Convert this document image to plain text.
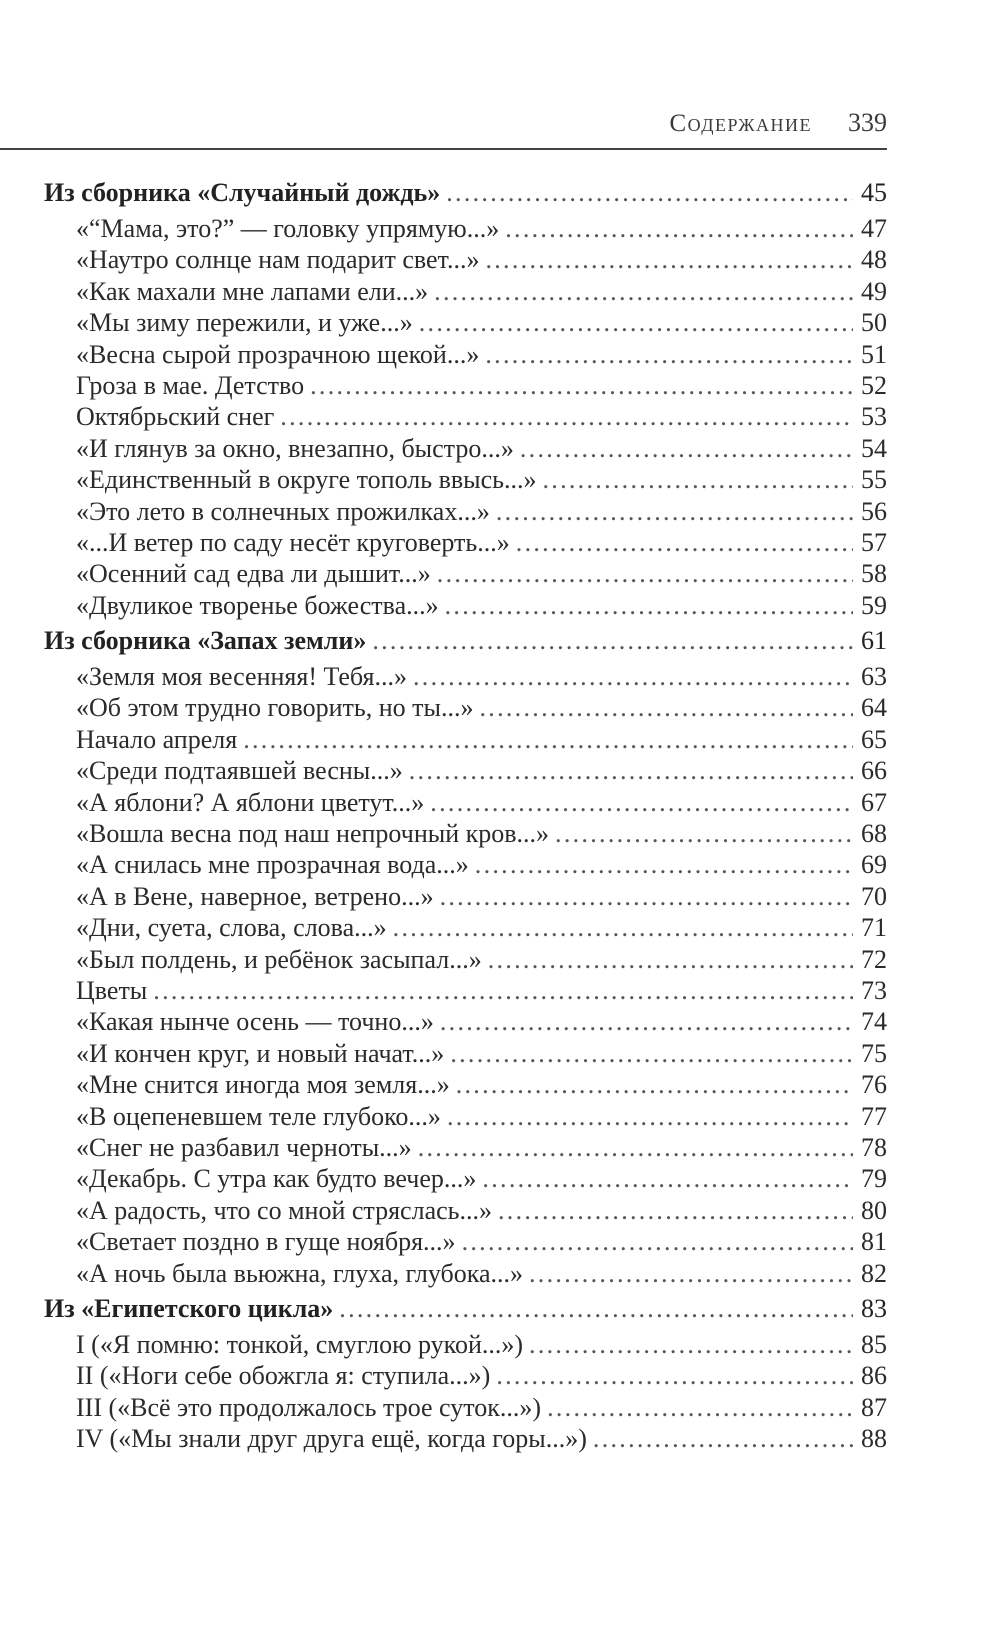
Содержание 339
Из сборника «Случайный дождь» .....	45
«“Мама, это?” — головку упрямую...» .....	47
«Наутро солнце нам подарит свет...» .....	48
«Как махали мне лапами ели...» .....	49
«Мы зиму пережили, и уже...» .....	50
«Весна сырой прозрачною щекой...» .....	51
Гроза в мае. Детство .....	52
Октябрьский снег .....	53
«И глянув за окно, внезапно, быстро...» .....	54
«Единственный в округе тополь ввысь...» .....	55
«Это лето в солнечных прожилках...» .....	56
«...И ветер по саду несёт круговерть...» .....	57
«Осенний сад едва ли дышит...» .....	58
«Двуликое творенье божества...» .....	59
Из сборника «Запах земли» .....	61
«Земля моя весенняя! Тебя...» .....	63
«Об этом трудно говорить, но ты...» .....	64
Начало апреля .....	65
«Среди подтаявшей весны...» .....	66
«А яблони? А яблони цветут...» .....	67
«Вошла весна под наш непрочный кров...» .....	68
«А снилась мне прозрачная вода...» .....	69
«А в Вене, наверное, ветрено...» .....	70
«Дни, суета, слова, слова...» .....	71
«Был полдень, и ребёнок засыпал...» .....	72
Цветы .....	73
«Какая нынче осень — точно...» .....	74
«И кончен круг, и новый начат...» .....	75
«Мне снится иногда моя земля...» .....	76
«В оцепеневшем теле глубоко...» .....	77
«Снег не разбавил черноты...» .....	78
«Декабрь. С утра как будто вечер...» .....	79
«А радость, что со мной стряслась...» .....	80
«Светает поздно в гуще ноября...» .....	81
«А ночь была вьюжна, глуха, глубока...» .....	82
Из «Египетского цикла» .....	83
I («Я помню: тонкой, смуглою рукой...») .....	85
II («Ноги себе обожгла я: ступила...») .....	86
III («Всё это продолжалось трое суток...») .....	87
IV («Мы знали друг друга ещё, когда горы...») .....	88
